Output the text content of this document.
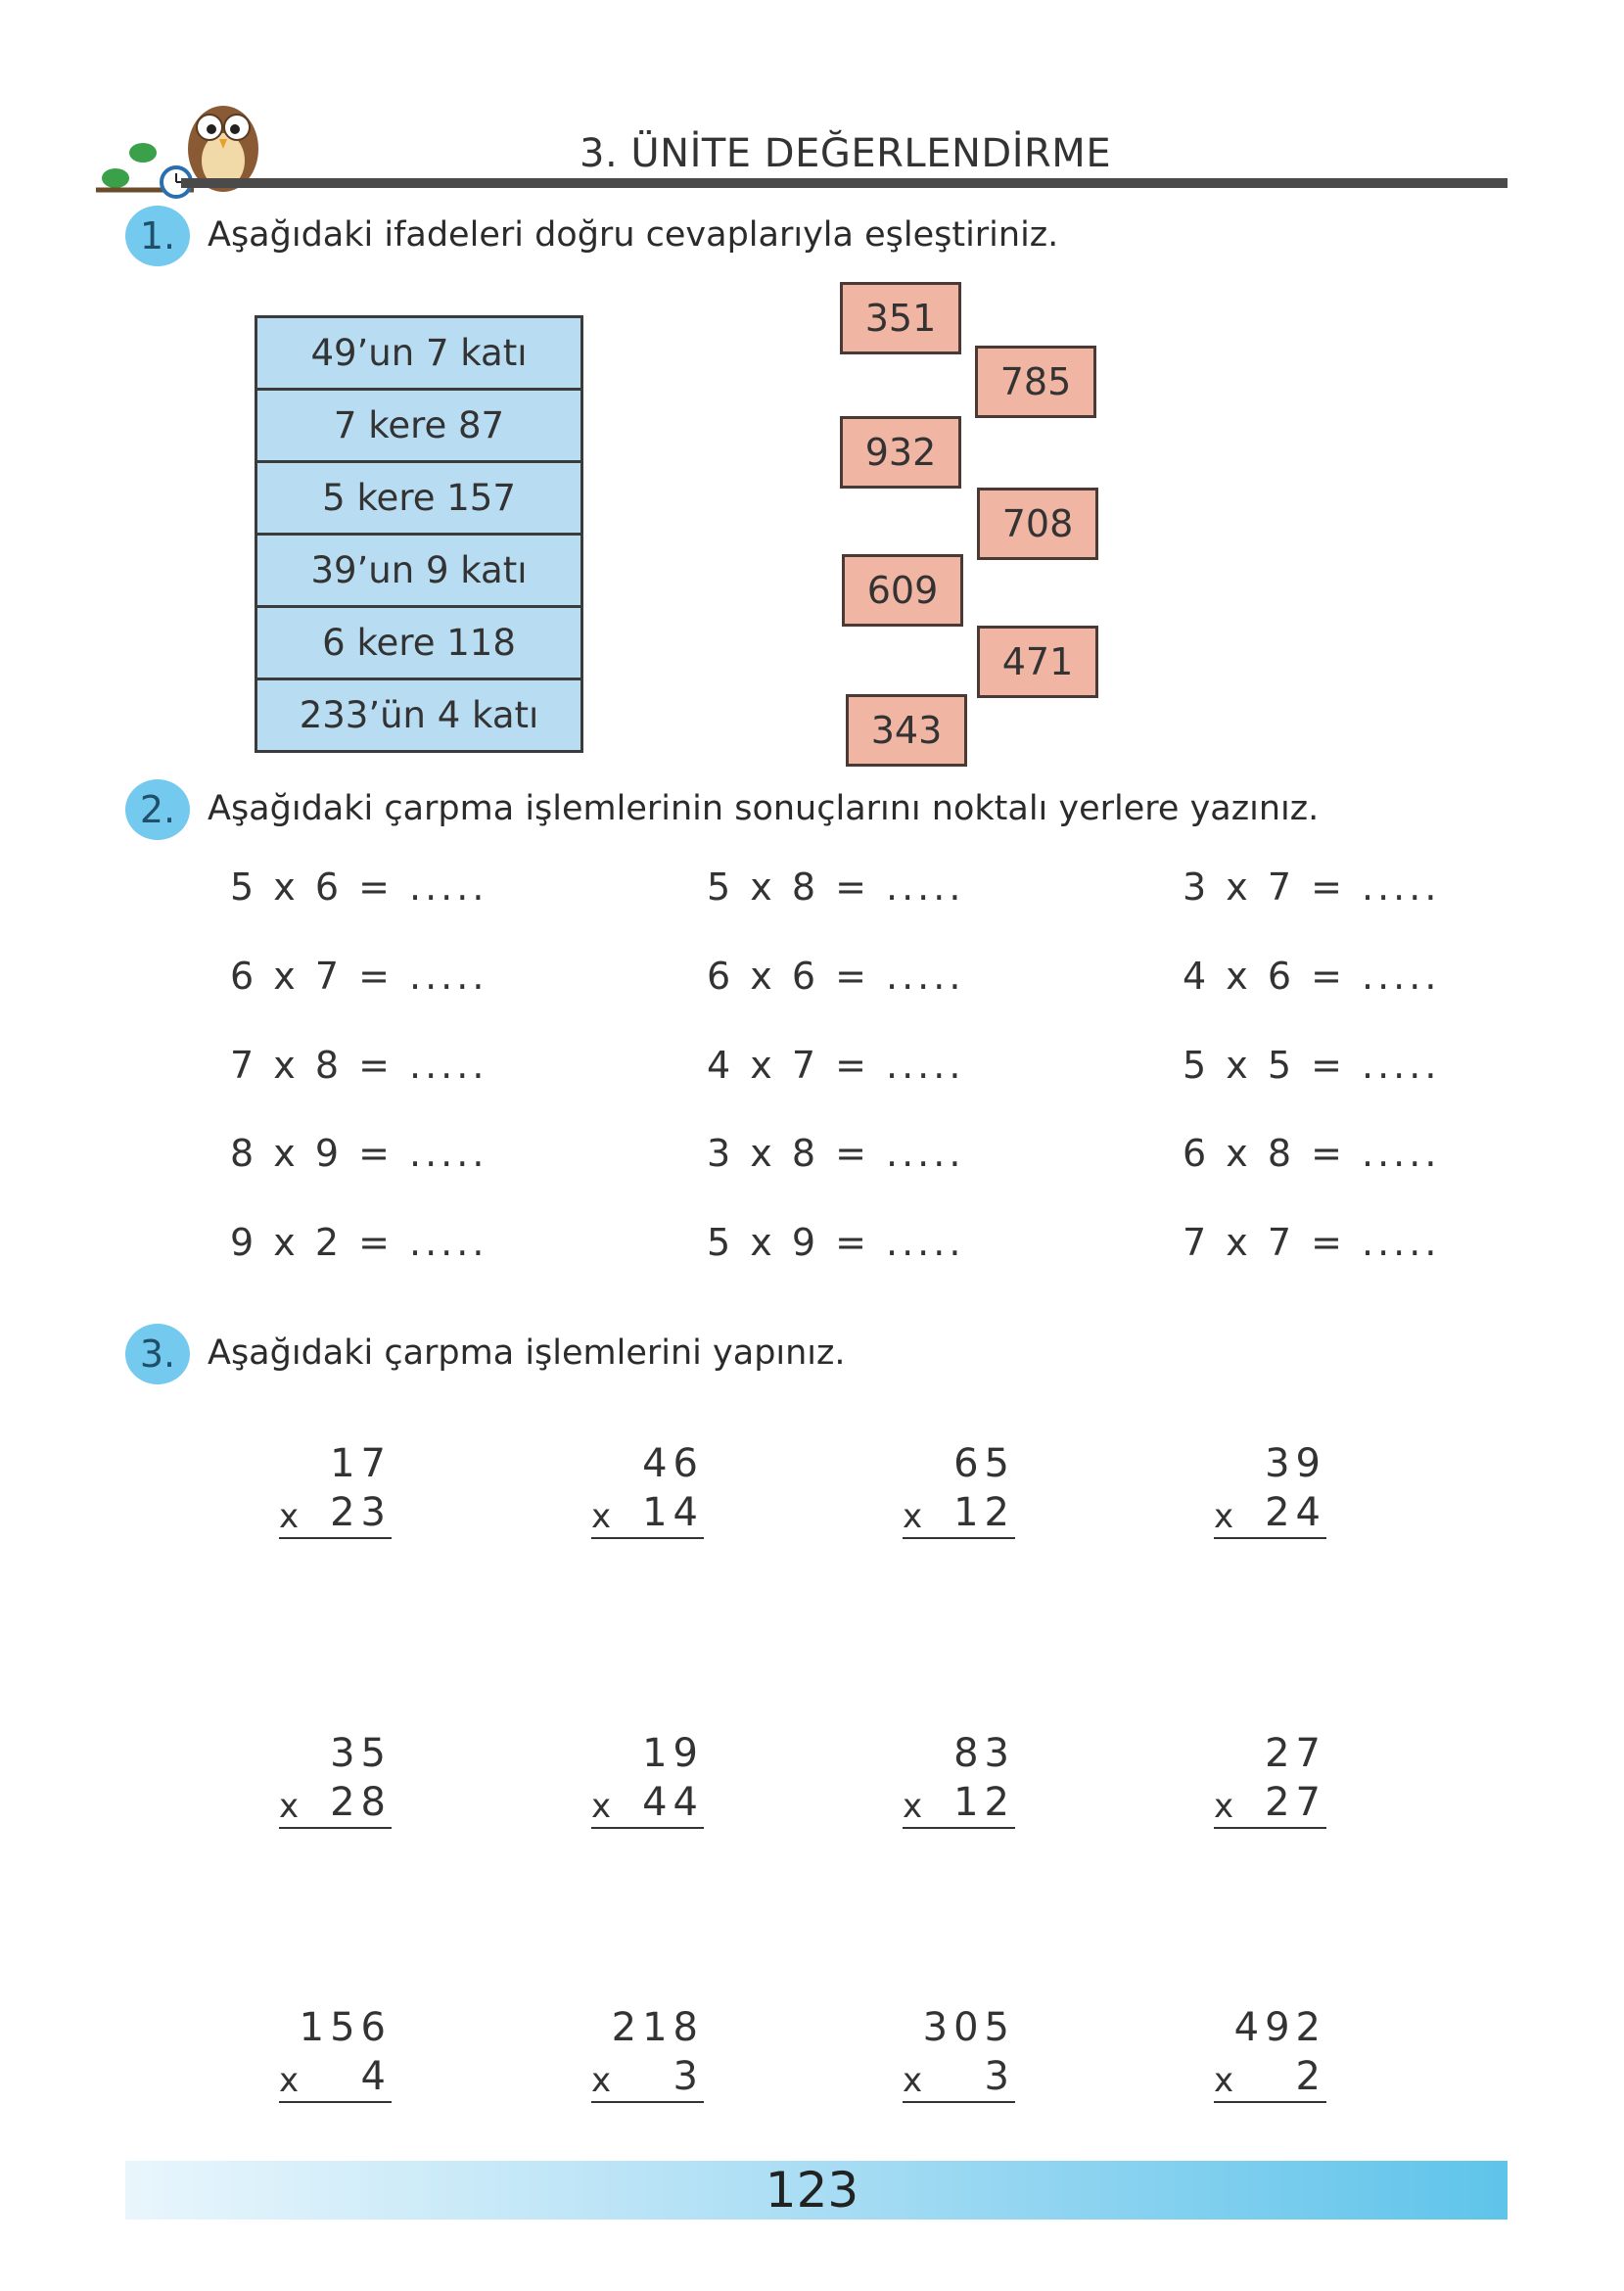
3. ÜNİTE DEĞERLENDİRME
1. Aşağıdaki ifadeleri doğru cevaplarıyla eşleştiriniz.
49’un 7 katı
7 kere 87
5 kere 157
39’un 9 katı
6 kere 118
233’ün 4 katı
351
785
932
708
609
471
343
2. Aşağıdaki çarpma işlemlerinin sonuçlarını noktalı yerlere yazınız.
5 x 6 = .....
6 x 7 = .....
7 x 8 = .....
8 x 9 = .....
9 x 2 = .....
5 x 8 = .....
6 x 6 = .....
4 x 7 = .....
3 x 8 = .....
5 x 9 = .....
3 x 7 = .....
4 x 6 = .....
5 x 5 = .....
6 x 8 = .....
7 x 7 = .....
3. Aşağıdaki çarpma işlemlerini yapınız.
17
x 23
46
x 14
65
x 12
39
x 24
35
x 28
19
x 44
83
x 12
27
x 27
156
x 4
218
x 3
305
x 3
492
x 2
123
